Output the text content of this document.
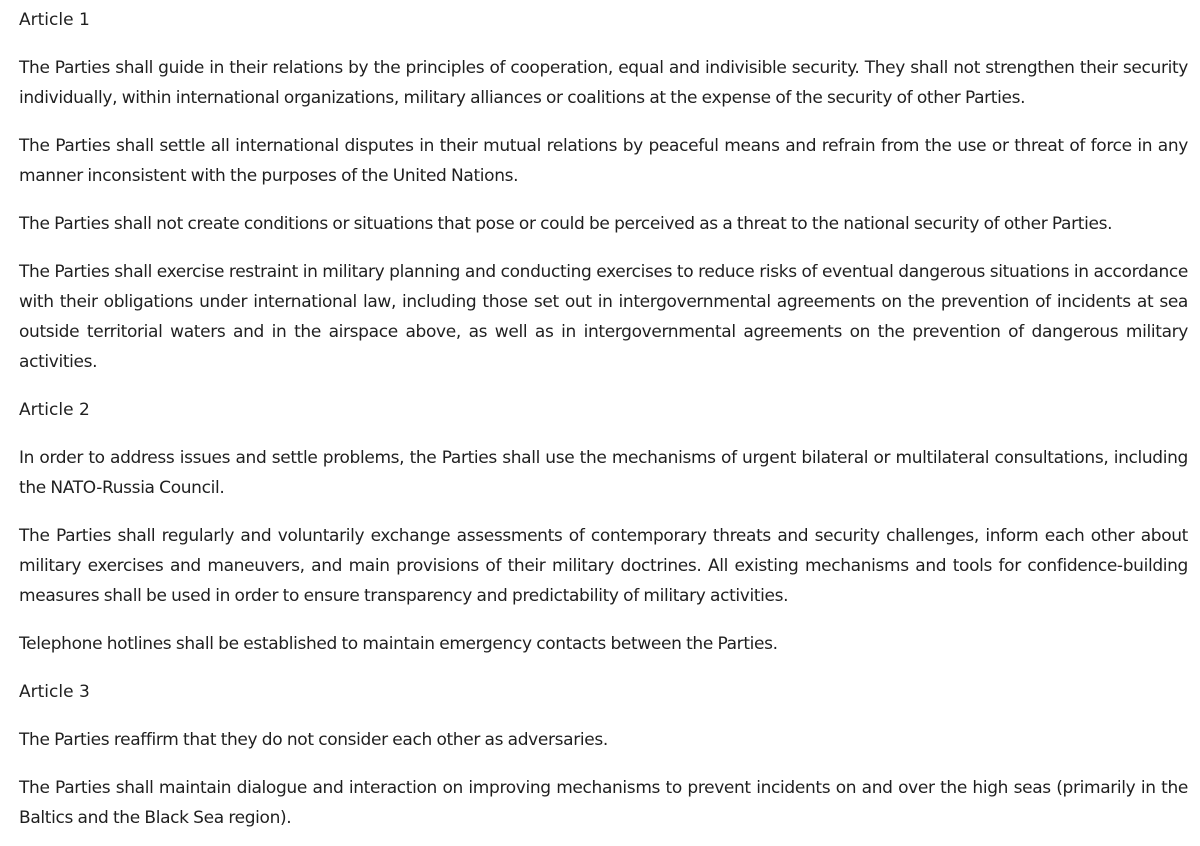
Article 1

The Parties shall guide in their relations by the principles of cooperation, equal and indivisible security. They shall not strengthen their security individually, within international organizations, military alliances or coalitions at the expense of the security of other Parties.

The Parties shall settle all international disputes in their mutual relations by peaceful means and refrain from the use or threat of force in any manner inconsistent with the purposes of the United Nations.

The Parties shall not create conditions or situations that pose or could be perceived as a threat to the national security of other Parties.

The Parties shall exercise restraint in military planning and conducting exercises to reduce risks of eventual dangerous situations in accordance with their obligations under international law, including those set out in intergovernmental agreements on the prevention of incidents at sea outside territorial waters and in the airspace above, as well as in intergovernmental agreements on the prevention of dangerous military activities.

Article 2

In order to address issues and settle problems, the Parties shall use the mechanisms of urgent bilateral or multilateral consultations, including the NATO-Russia Council.

The Parties shall regularly and voluntarily exchange assessments of contemporary threats and security challenges, inform each other about military exercises and maneuvers, and main provisions of their military doctrines. All existing mechanisms and tools for confidence-building measures shall be used in order to ensure transparency and predictability of military activities.

Telephone hotlines shall be established to maintain emergency contacts between the Parties.

Article 3

The Parties reaffirm that they do not consider each other as adversaries.

The Parties shall maintain dialogue and interaction on improving mechanisms to prevent incidents on and over the high seas (primarily in the Baltics and the Black Sea region).
